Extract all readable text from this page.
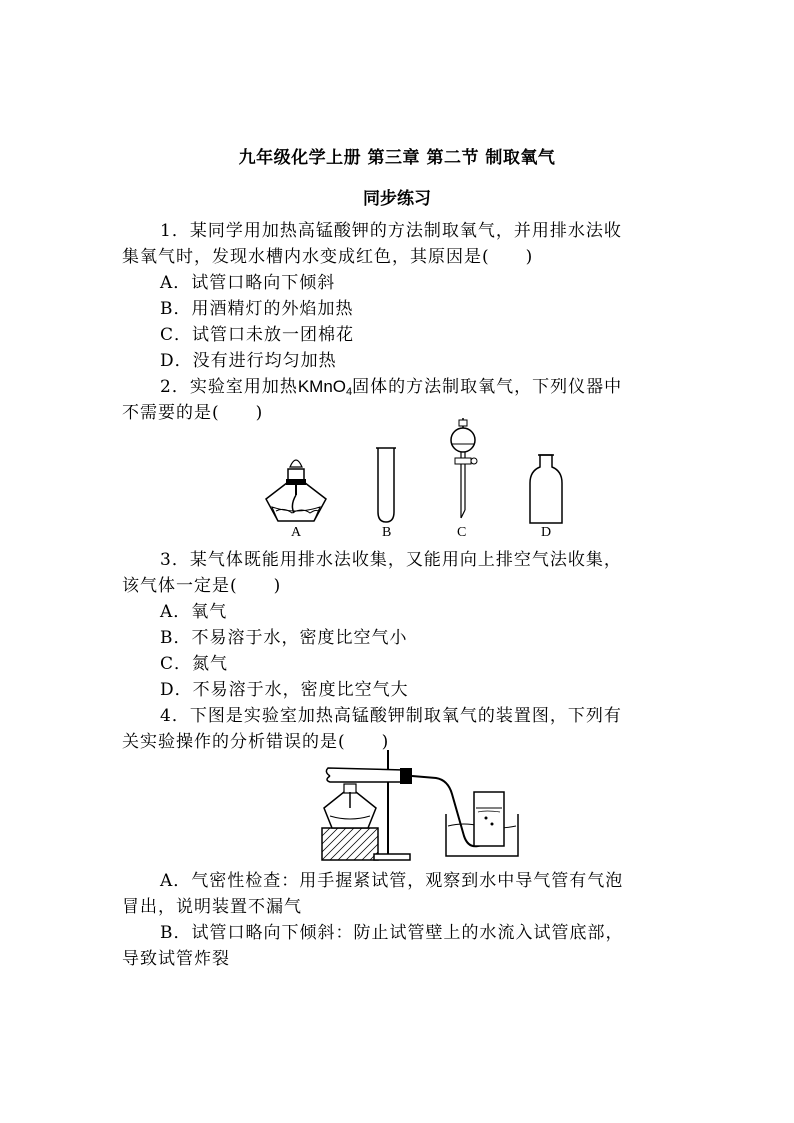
九年级化学上册 第三章 第二节 制取氧气
同步练习
1．某同学用加热高锰酸钾的方法制取氧气，并用排水法收
集氧气时，发现水槽内水变成红色，其原因是(　　)
A．试管口略向下倾斜
B．用酒精灯的外焰加热
C．试管口未放一团棉花
D．没有进行均匀加热
2．实验室用加热KMnO$_4$固体的方法制取氧气，下列仪器中
不需要的是(　　)
A	B	C	D
3．某气体既能用排水法收集，又能用向上排空气法收集，
该气体一定是(　　)
A．氧气
B．不易溶于水，密度比空气小
C．氮气
D．不易溶于水，密度比空气大
4．下图是实验室加热高锰酸钾制取氧气的装置图，下列有
关实验操作的分析错误的是(　　)
A．气密性检查：用手握紧试管，观察到水中导气管有气泡
冒出，说明装置不漏气
B．试管口略向下倾斜：防止试管壁上的水流入试管底部，
导致试管炸裂
